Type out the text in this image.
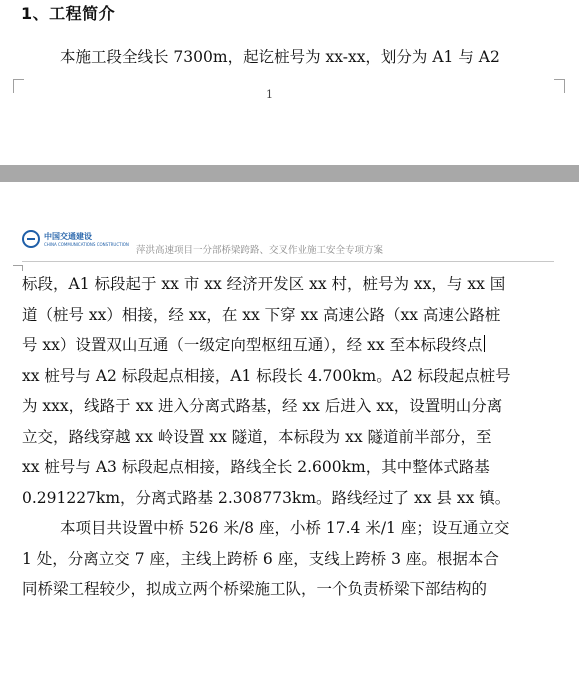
1、工程简介
本施工段全线长 7300m，起讫桩号为 xx-xx，划分为 A1 与 A2
1
中国交通建设
CHINA COMMUNICATIONS CONSTRUCTION
萍洪高速项目一分部桥梁跨路、交叉作业施工安全专项方案
标段，A1 标段起于 xx 市 xx 经济开发区 xx 村，桩号为 xx，与 xx 国
道（桩号 xx）相接，经 xx，在 xx 下穿 xx 高速公路（xx 高速公路桩
号 xx）设置双山互通（一级定向型枢纽互通），经 xx 至本标段终点
xx 桩号与 A2 标段起点相接，A1 标段长 4.700km。A2 标段起点桩号
为 xxx，线路于 xx 进入分离式路基，经 xx 后进入 xx，设置明山分离
立交，路线穿越 xx 岭设置 xx 隧道，本标段为 xx 隧道前半部分，至
xx 桩号与 A3 标段起点相接，路线全长 2.600km，其中整体式路基
0.291227km，分离式路基 2.308773km。路线经过了 xx 县 xx 镇。
本项目共设置中桥 526 米/8 座，小桥 17.4 米/1 座；设互通立交
1 处，分离立交 7 座，主线上跨桥 6 座，支线上跨桥 3 座。根据本合
同桥梁工程较少，拟成立两个桥梁施工队，一个负责桥梁下部结构的
